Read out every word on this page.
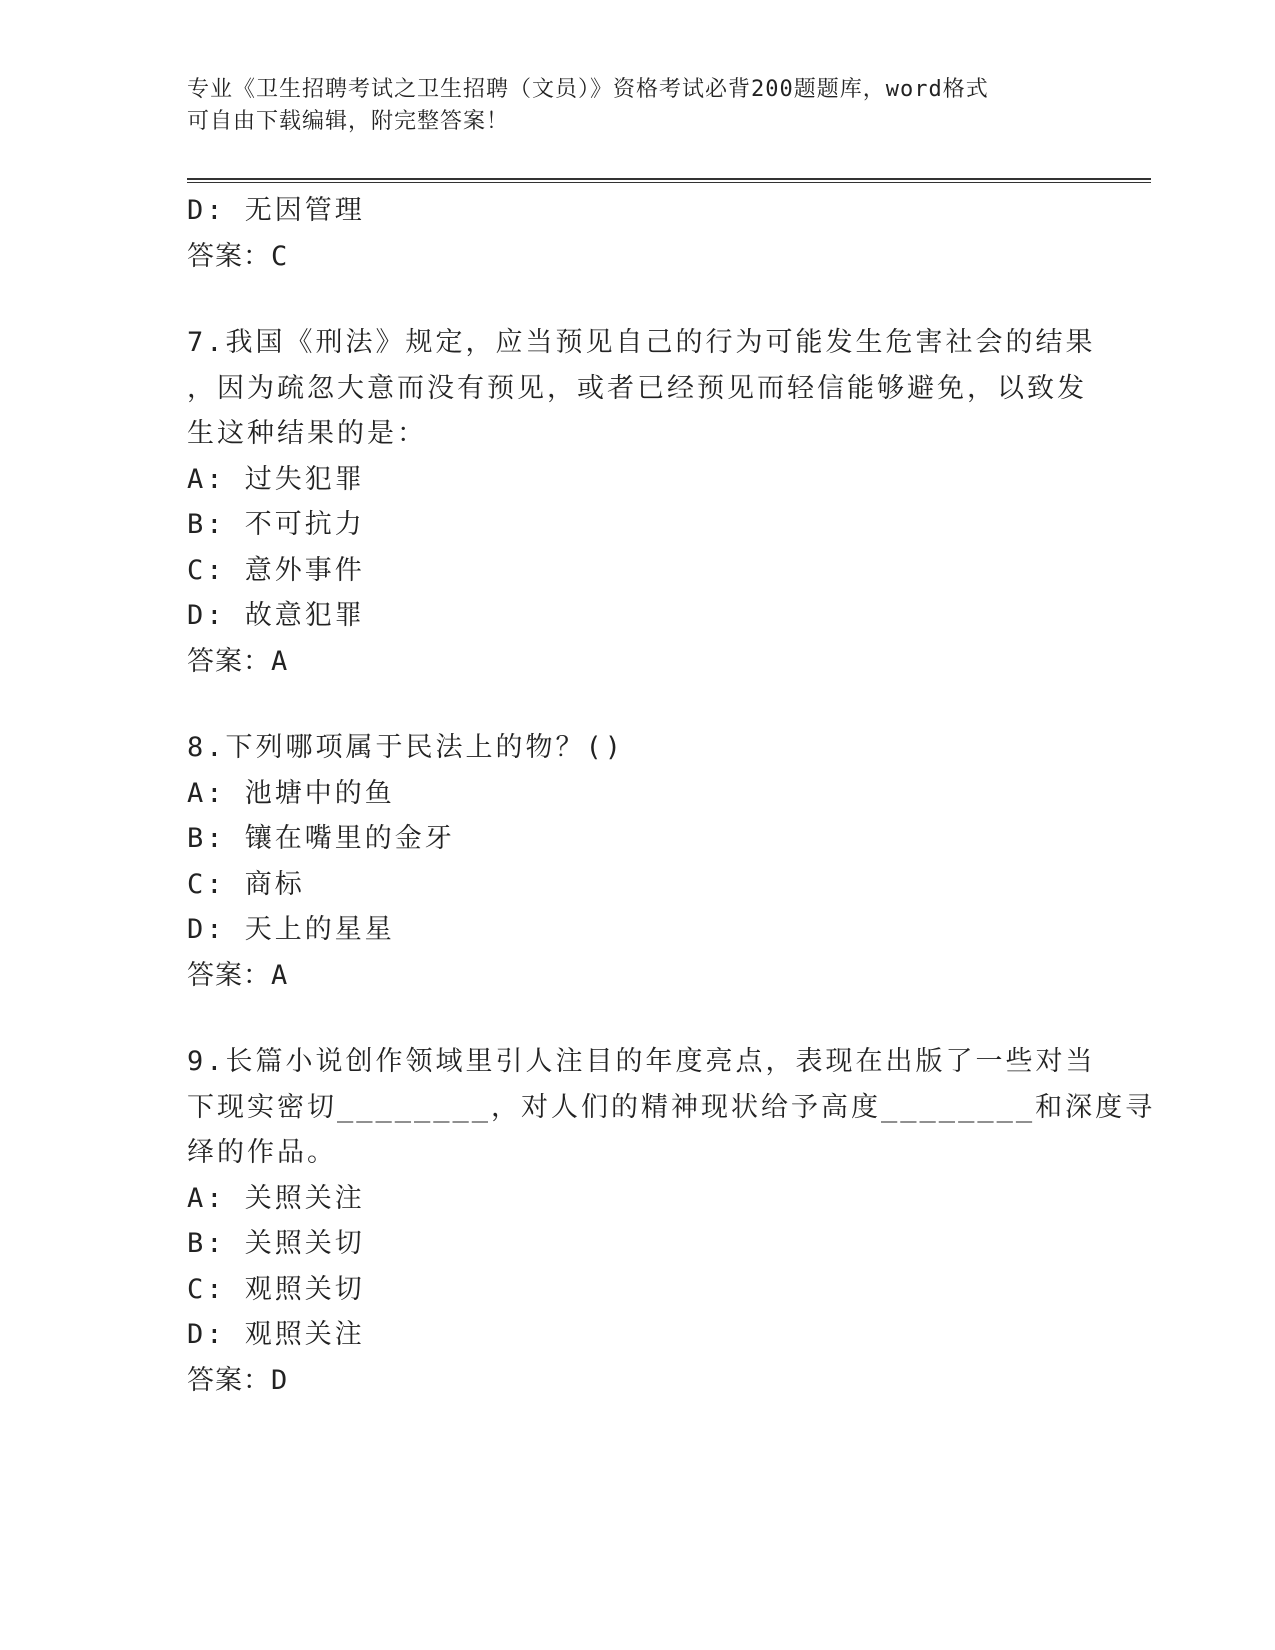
专业《卫生招聘考试之卫生招聘（文员）》资格考试必背200题题库，word格式
可自由下载编辑，附完整答案！
D: 无因管理
答案：C
7.我国《刑法》规定，应当预见自己的行为可能发生危害社会的结果
，因为疏忽大意而没有预见，或者已经预见而轻信能够避免，以致发
生这种结果的是：
A: 过失犯罪
B: 不可抗力
C: 意外事件
D: 故意犯罪
答案：A
8.下列哪项属于民法上的物？()
A: 池塘中的鱼
B: 镶在嘴里的金牙
C: 商标
D: 天上的星星
答案：A
9.长篇小说创作领域里引人注目的年度亮点，表现在出版了一些对当
下现实密切________，对人们的精神现状给予高度________和深度寻
绎的作品。
A: 关照关注
B: 关照关切
C: 观照关切
D: 观照关注
答案：D
